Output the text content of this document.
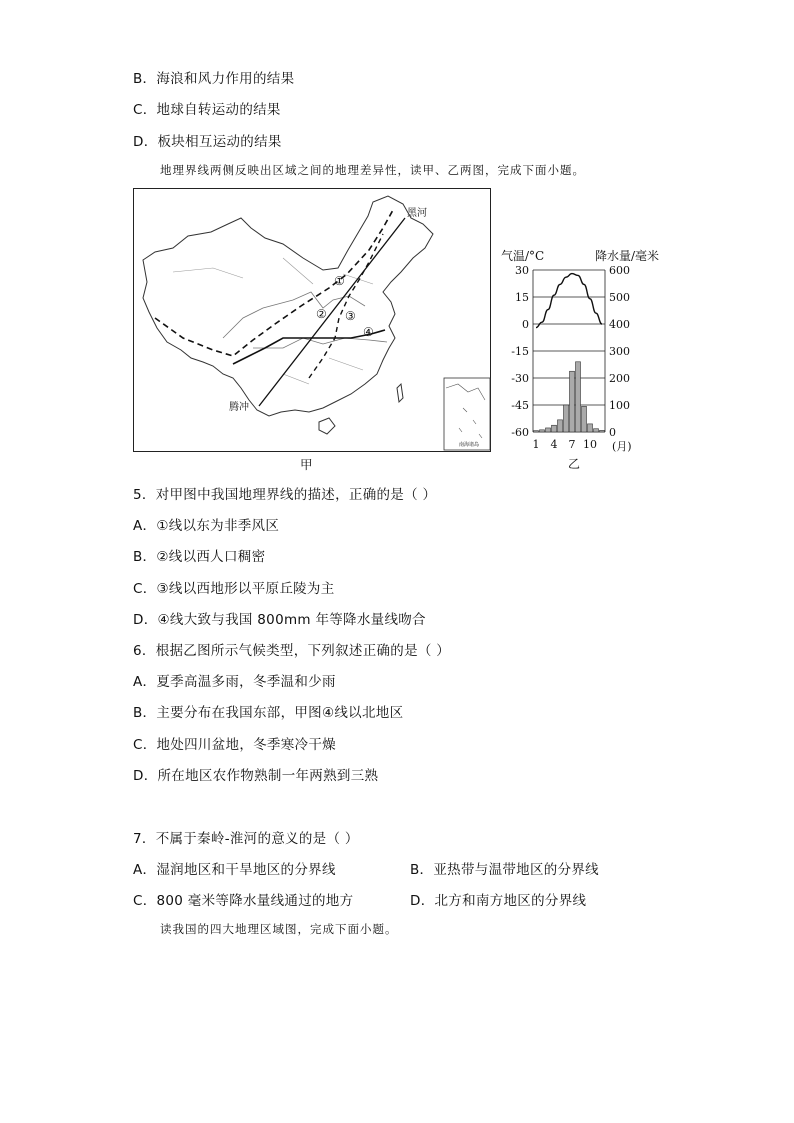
B．海浪和风力作用的结果
C．地球自转运动的结果
D．板块相互运动的结果
地理界线两侧反映出区域之间的地理差异性，读甲、乙两图，完成下面小题。
①
② ③
④
黑河
腾冲
南海诸岛
甲
气温/°C	降水量/毫米
30
15
0
-15
-30
-45
-60
600
500
400
300
200
100
0
1 4 7 10 (月)
乙
5．对甲图中我国地理界线的描述，正确的是（ ）
A．①线以东为非季风区
B．②线以西人口稠密
C．③线以西地形以平原丘陵为主
D．④线大致与我国 800mm 年等降水量线吻合
6．根据乙图所示气候类型，下列叙述正确的是（ ）
A．夏季高温多雨，冬季温和少雨
B．主要分布在我国东部，甲图④线以北地区
C．地处四川盆地，冬季寒冷干燥
D．所在地区农作物熟制一年两熟到三熟
7．不属于秦岭-淮河的意义的是（ ）
A．湿润地区和干旱地区的分界线	B．亚热带与温带地区的分界线
C．800 毫米等降水量线通过的地方	D．北方和南方地区的分界线
读我国的四大地理区域图，完成下面小题。
